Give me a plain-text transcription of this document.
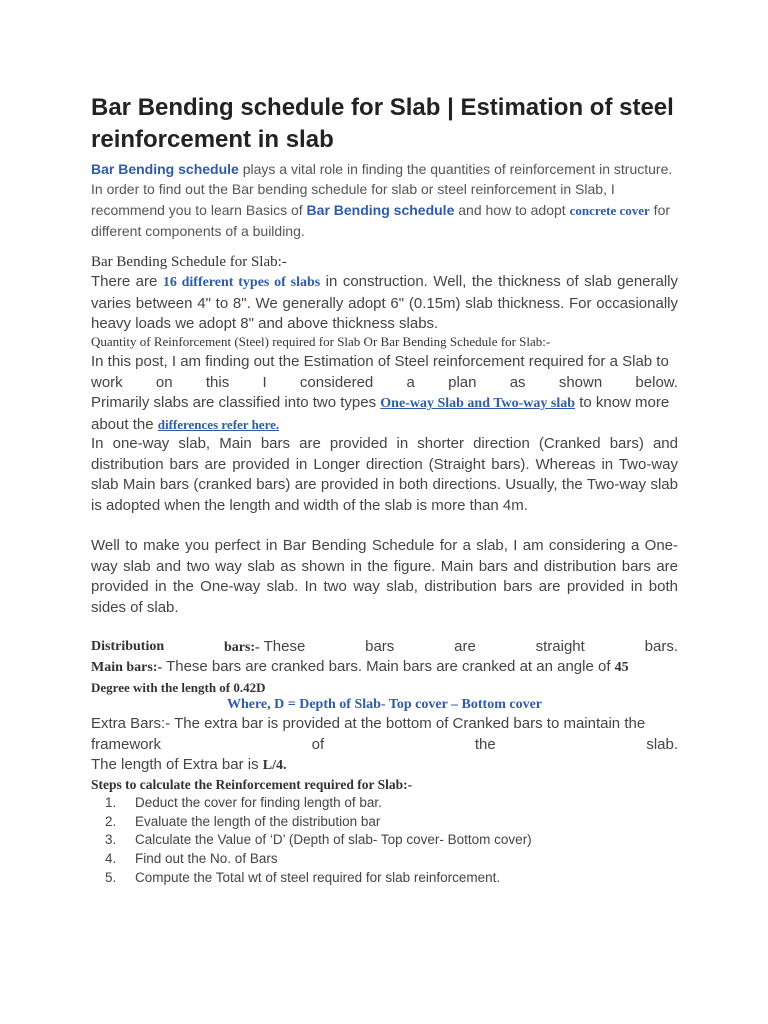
Bar Bending schedule for Slab | Estimation of steel reinforcement in slab
Bar Bending schedule plays a vital role in finding the quantities of reinforcement in structure. In order to find out the Bar bending schedule for slab or steel reinforcement in Slab, I recommend you to learn Basics of Bar Bending schedule and how to adopt concrete cover for different components of a building.
Bar Bending Schedule for Slab:-
There are 16 different types of slabs in construction. Well, the thickness of slab generally varies between 4" to 8". We generally adopt 6" (0.15m) slab thickness. For occasionally heavy loads we adopt 8" and above thickness slabs.
Quantity of Reinforcement (Steel) required for Slab Or Bar Bending Schedule for Slab:-
In this post, I am finding out the Estimation of Steel reinforcement required for a Slab to
work on this I considered a plan as shown below.
Primarily slabs are classified into two types One-way Slab and Two-way slab to know more about the differences refer here.
In one-way slab, Main bars are provided in shorter direction (Cranked bars) and distribution bars are provided in Longer direction (Straight bars). Whereas in Two-way slab Main bars (cranked bars) are provided in both directions. Usually, the Two-way slab is adopted when the length and width of the slab is more than 4m.
Well to make you perfect in Bar Bending Schedule for a slab, I am considering a One-way slab and two way slab as shown in the figure. Main bars and distribution bars are provided in the One-way slab. In two way slab, distribution bars are provided in both sides of slab.
Distribution	bars:- These	bars	are	straight	bars.
Main bars:- These bars are cranked bars. Main bars are cranked at an angle of 45
Degree with the length of 0.42D
Where, D = Depth of Slab- Top cover – Bottom cover
Extra Bars:- The extra bar is provided at the bottom of Cranked bars to maintain the
framework	of	the	slab.
The length of Extra bar is L/4.
Steps to calculate the Reinforcement required for Slab:-
1.	Deduct the cover for finding length of bar.
2.	Evaluate the length of the distribution bar
3.	Calculate the Value of ‘D’ (Depth of slab- Top cover- Bottom cover)
4.	Find out the No. of Bars
5.	Compute the Total wt of steel required for slab reinforcement.
